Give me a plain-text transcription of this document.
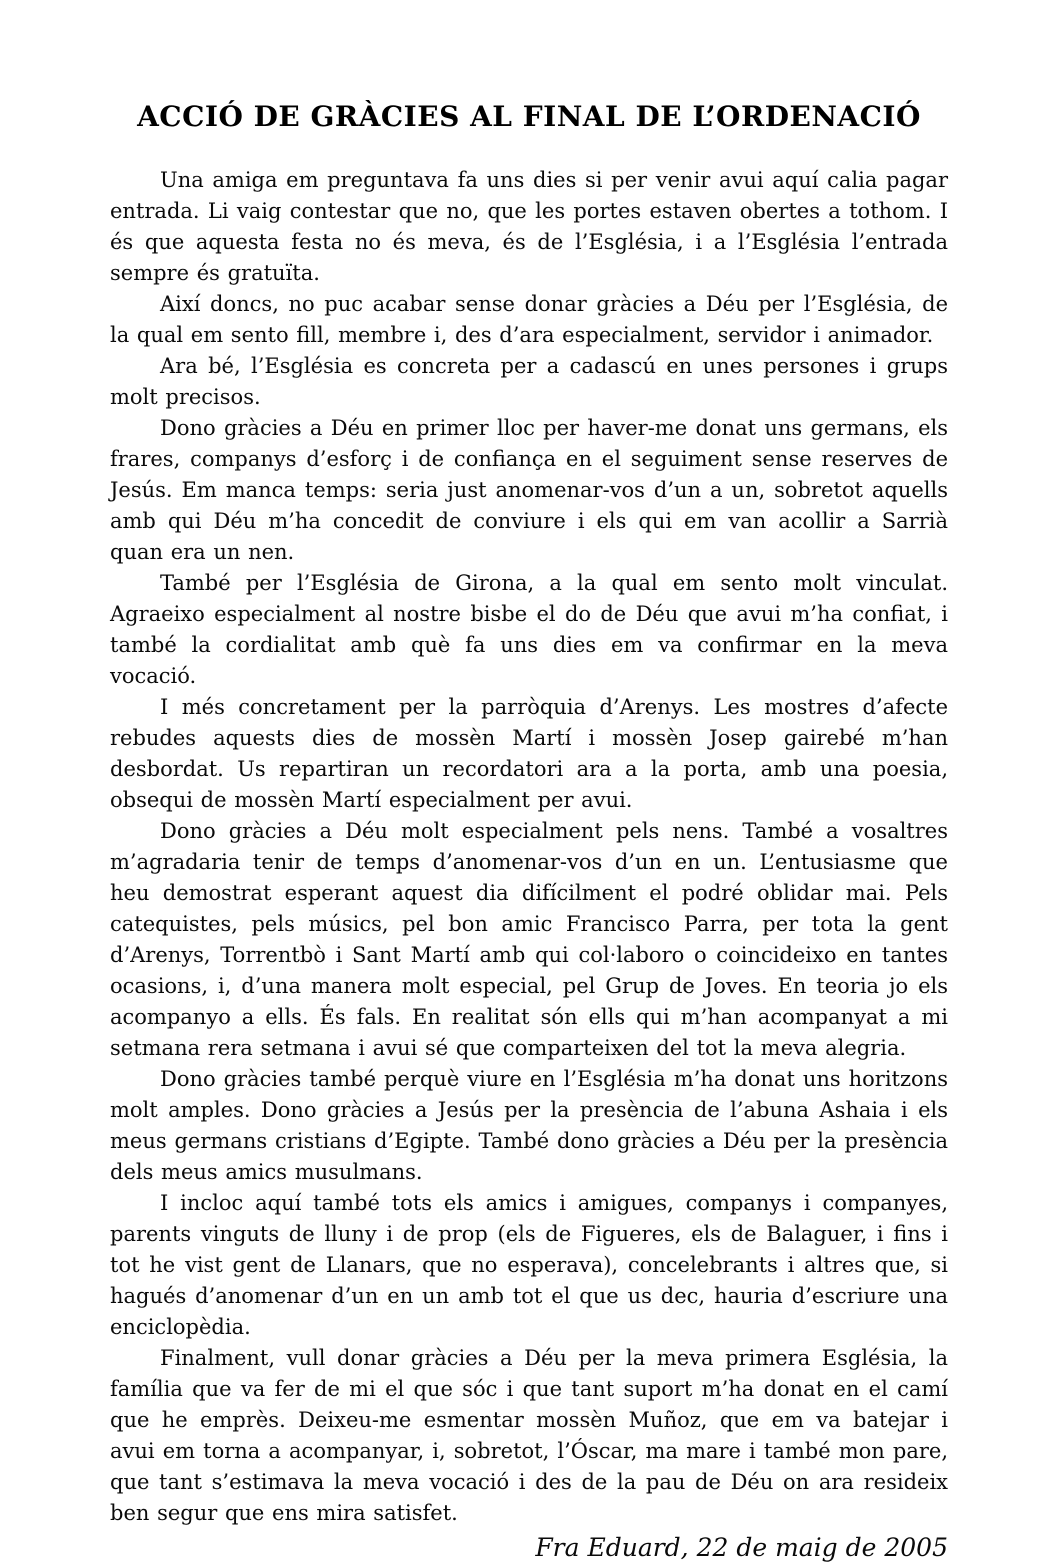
ACCIÓ DE GRÀCIES AL FINAL DE L’ORDENACIÓ

Una amiga em preguntava fa uns dies si per venir avui aquí calia pagar entrada. Li vaig contestar que no, que les portes estaven obertes a tothom. I és que aquesta festa no és meva, és de l’Església, i a l’Església l’entrada sempre és gratuïta.

Així doncs, no puc acabar sense donar gràcies a Déu per l’Església, de la qual em sento fill, membre i, des d’ara especialment, servidor i animador.

Ara bé, l’Església es concreta per a cadascú en unes persones i grups molt precisos.

Dono gràcies a Déu en primer lloc per haver-me donat uns germans, els frares, companys d’esforç i de confiança en el seguiment sense reserves de Jesús. Em manca temps: seria just anomenar-vos d’un a un, sobretot aquells amb qui Déu m’ha concedit de conviure i els qui em van acollir a Sarrià quan era un nen.

També per l’Església de Girona, a la qual em sento molt vinculat. Agraeixo especialment al nostre bisbe el do de Déu que avui m’ha confiat, i també la cordialitat amb què fa uns dies em va confirmar en la meva vocació.

I més concretament per la parròquia d’Arenys. Les mostres d’afecte rebudes aquests dies de mossèn Martí i mossèn Josep gairebé m’han desbordat. Us repartiran un recordatori ara a la porta, amb una poesia, obsequi de mossèn Martí especialment per avui.

Dono gràcies a Déu molt especialment pels nens. També a vosaltres m’agradaria tenir de temps d’anomenar-vos d’un en un. L’entusiasme que heu demostrat esperant aquest dia difícilment el podré oblidar mai. Pels catequistes, pels músics, pel bon amic Francisco Parra, per tota la gent d’Arenys, Torrentbò i Sant Martí amb qui col·laboro o coincideixo en tantes ocasions, i, d’una manera molt especial, pel Grup de Joves. En teoria jo els acompanyo a ells. És fals. En realitat són ells qui m’han acompanyat a mi setmana rera setmana i avui sé que comparteixen del tot la meva alegria.

Dono gràcies també perquè viure en l’Església m’ha donat uns horitzons molt amples. Dono gràcies a Jesús per la presència de l’abuna Ashaia i els meus germans cristians d’Egipte. També dono gràcies a Déu per la presència dels meus amics musulmans.

I incloc aquí també tots els amics i amigues, companys i companyes, parents vinguts de lluny i de prop (els de Figueres, els de Balaguer, i fins i tot he vist gent de Llanars, que no esperava), concelebrants i altres que, si hagués d’anomenar d’un en un amb tot el que us dec, hauria d’escriure una enciclopèdia.

Finalment, vull donar gràcies a Déu per la meva primera Església, la família que va fer de mi el que sóc i que tant suport m’ha donat en el camí que he emprès. Deixeu-me esmentar mossèn Muñoz, que em va batejar i avui em torna a acompanyar, i, sobretot, l’Óscar, ma mare i també mon pare, que tant s’estimava la meva vocació i des de la pau de Déu on ara resideix ben segur que ens mira satisfet.

Fra Eduard, 22 de maig de 2005
